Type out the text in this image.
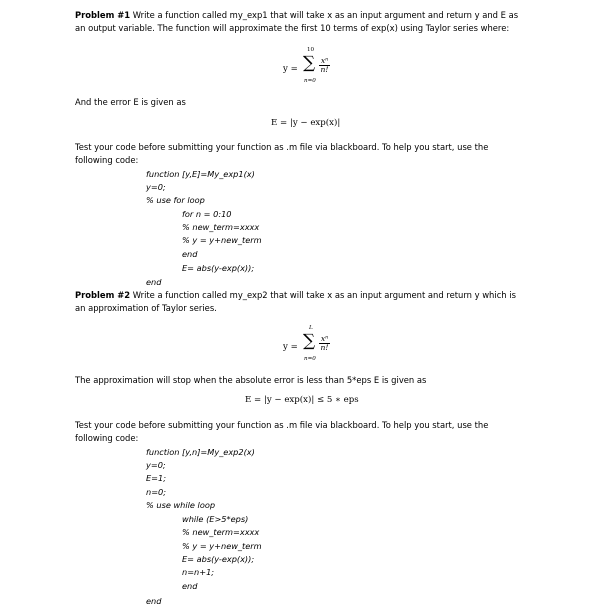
Problem #1 Write a function called my_exp1 that will take x as an input argument and return y and E as
an output variable. The function will approximate the first 10 terms of exp(x) using Taylor series where:
y =
10
∑
n=0
$\frac{\text{xⁿ}}{n!}$
And the error E is given as
E = |y − exp(x)|
Test your code before submitting your function as .m file via blackboard. To help you start, use the
following code:
function [y,E]=My_exp1(x)
y=0;
% use for loop
for n = 0:10
% new_term=xxxx
% y = y+new_term
end
E= abs(y-exp(x));
end
Problem #2 Write a function called my_exp2 that will take x as an input argument and return y which is
an approximation of Taylor series.
y =
L
∑
n=0
$\frac{\text{xⁿ}}{n!}$
The approximation will stop when the absolute error is less than 5*eps E is given as
E = |y − exp(x)| ≤ 5 ∗ eps
Test your code before submitting your function as .m file via blackboard. To help you start, use the
following code:
function [y,n]=My_exp2(x)
y=0;
E=1;
n=0;
% use while loop
while (E>5*eps)
% new_term=xxxx
% y = y+new_term
E= abs(y-exp(x));
n=n+1;
end
end
